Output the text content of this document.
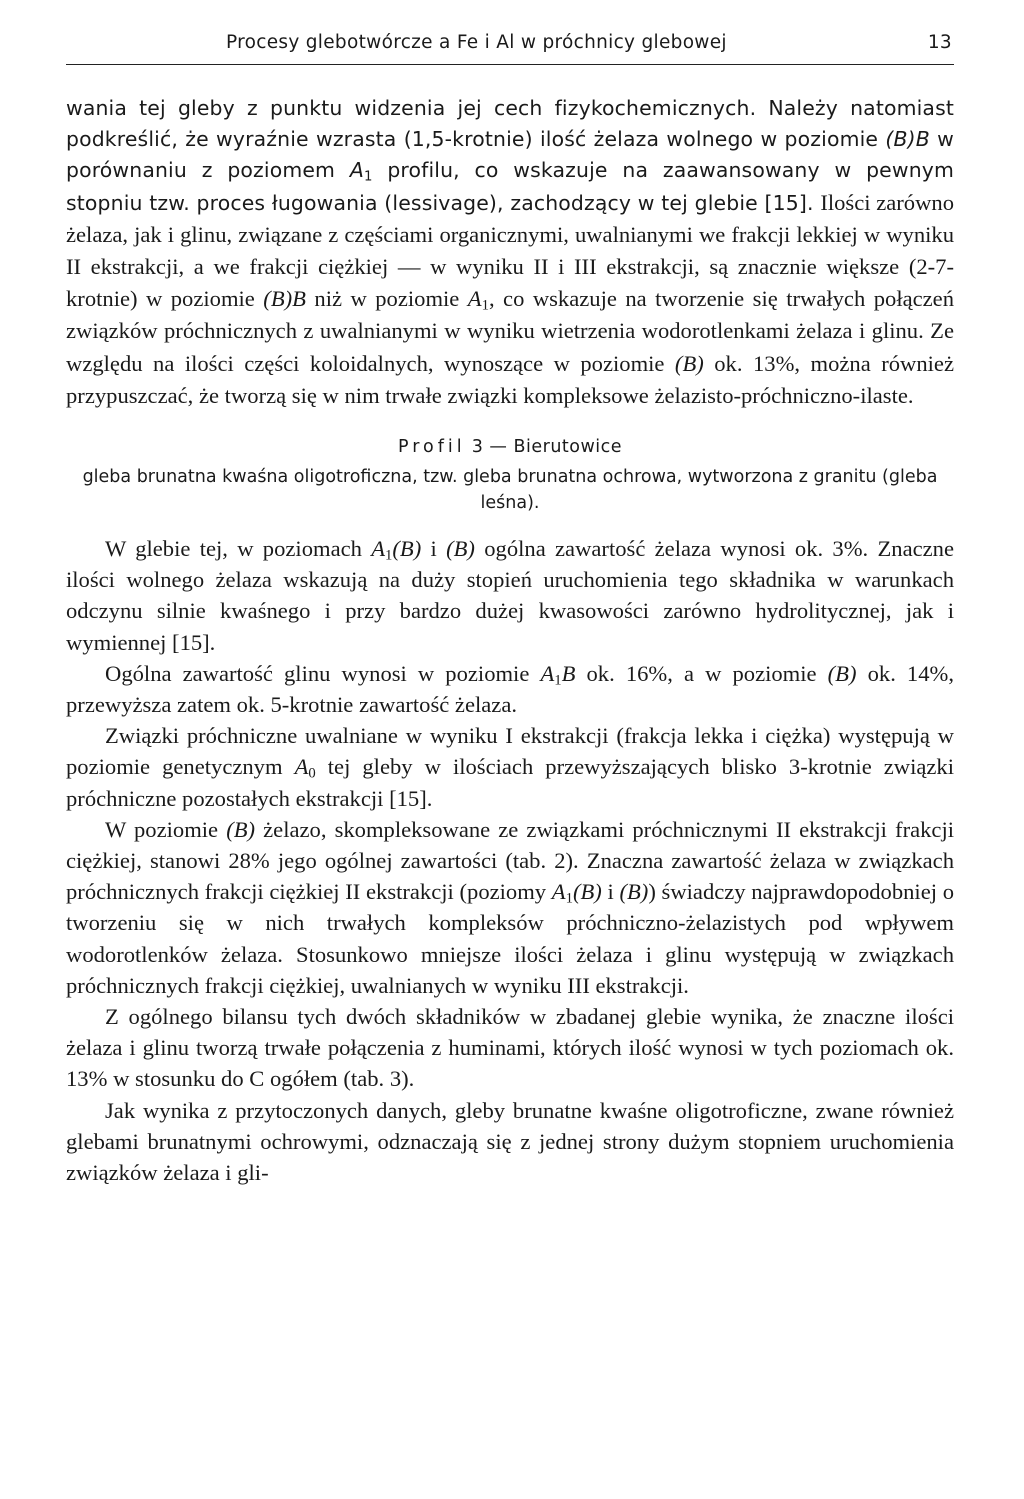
Procesy glebotwórcze a Fe i Al w próchnicy glebowej	13

wania tej gleby z punktu widzenia jej cech fizykochemicznych. Należy natomiast podkreślić, że wyraźnie wzrasta (1,5-krotnie) ilość żelaza wolnego w poziomie (B)B w porównaniu z poziomem $A_1$ profilu, co wskazuje na zaawansowany w pewnym stopniu tzw. proces ługowania (lessivage), zachodzący w tej glebie [15]. Ilości zarówno żelaza, jak i glinu, związane z częściami organicznymi, uwalnianymi we frakcji lekkiej w wyniku II ekstrakcji, a we frakcji ciężkiej — w wyniku II i III ekstrakcji, są znacznie większe (2-7-krotnie) w poziomie (B)B niż w poziomie $A_1$, co wskazuje na tworzenie się trwałych połączeń związków próchnicznych z uwalnianymi w wyniku wietrzenia wodorotlenkami żelaza i glinu. Ze względu na ilości części koloidalnych, wynoszące w poziomie (B) ok. 13%, można również przypuszczać, że tworzą się w nim trwałe związki kompleksowe żelazisto-próchniczno-ilaste.

Profil 3 — Bierutowice
gleba brunatna kwaśna oligotroficzna, tzw. gleba brunatna ochrowa, wytworzona z granitu (gleba leśna).

W glebie tej, w poziomach $A_1(B)$ i (B) ogólna zawartość żelaza wynosi ok. 3%. Znaczne ilości wolnego żelaza wskazują na duży stopień uruchomienia tego składnika w warunkach odczynu silnie kwaśnego i przy bardzo dużej kwasowości zarówno hydrolitycznej, jak i wymiennej [15].

Ogólna zawartość glinu wynosi w poziomie $A_1B$ ok. 16%, a w poziomie (B) ok. 14%, przewyższa zatem ok. 5-krotnie zawartość żelaza.

Związki próchniczne uwalniane w wyniku I ekstrakcji (frakcja lekka i ciężka) występują w poziomie genetycznym $A_0$ tej gleby w ilościach przewyższających blisko 3-krotnie związki próchniczne pozostałych ekstrakcji [15].

W poziomie (B) żelazo, skompleksowane ze związkami próchnicznymi II ekstrakcji frakcji ciężkiej, stanowi 28% jego ogólnej zawartości (tab. 2). Znaczna zawartość żelaza w związkach próchnicznych frakcji ciężkiej II ekstrakcji (poziomy $A_1(B)$ i (B)) świadczy najprawdopodobniej o tworzeniu się w nich trwałych kompleksów próchniczno-żelazistych pod wpływem wodorotlenków żelaza. Stosunkowo mniejsze ilości żelaza i glinu występują w związkach próchnicznych frakcji ciężkiej, uwalnianych w wyniku III ekstrakcji.

Z ogólnego bilansu tych dwóch składników w zbadanej glebie wynika, że znaczne ilości żelaza i glinu tworzą trwałe połączenia z huminami, których ilość wynosi w tych poziomach ok. 13% w stosunku do C ogółem (tab. 3).

Jak wynika z przytoczonych danych, gleby brunatne kwaśne oligotroficzne, zwane również glebami brunatnymi ochrowymi, odznaczają się z jednej strony dużym stopniem uruchomienia związków żelaza i gli-
